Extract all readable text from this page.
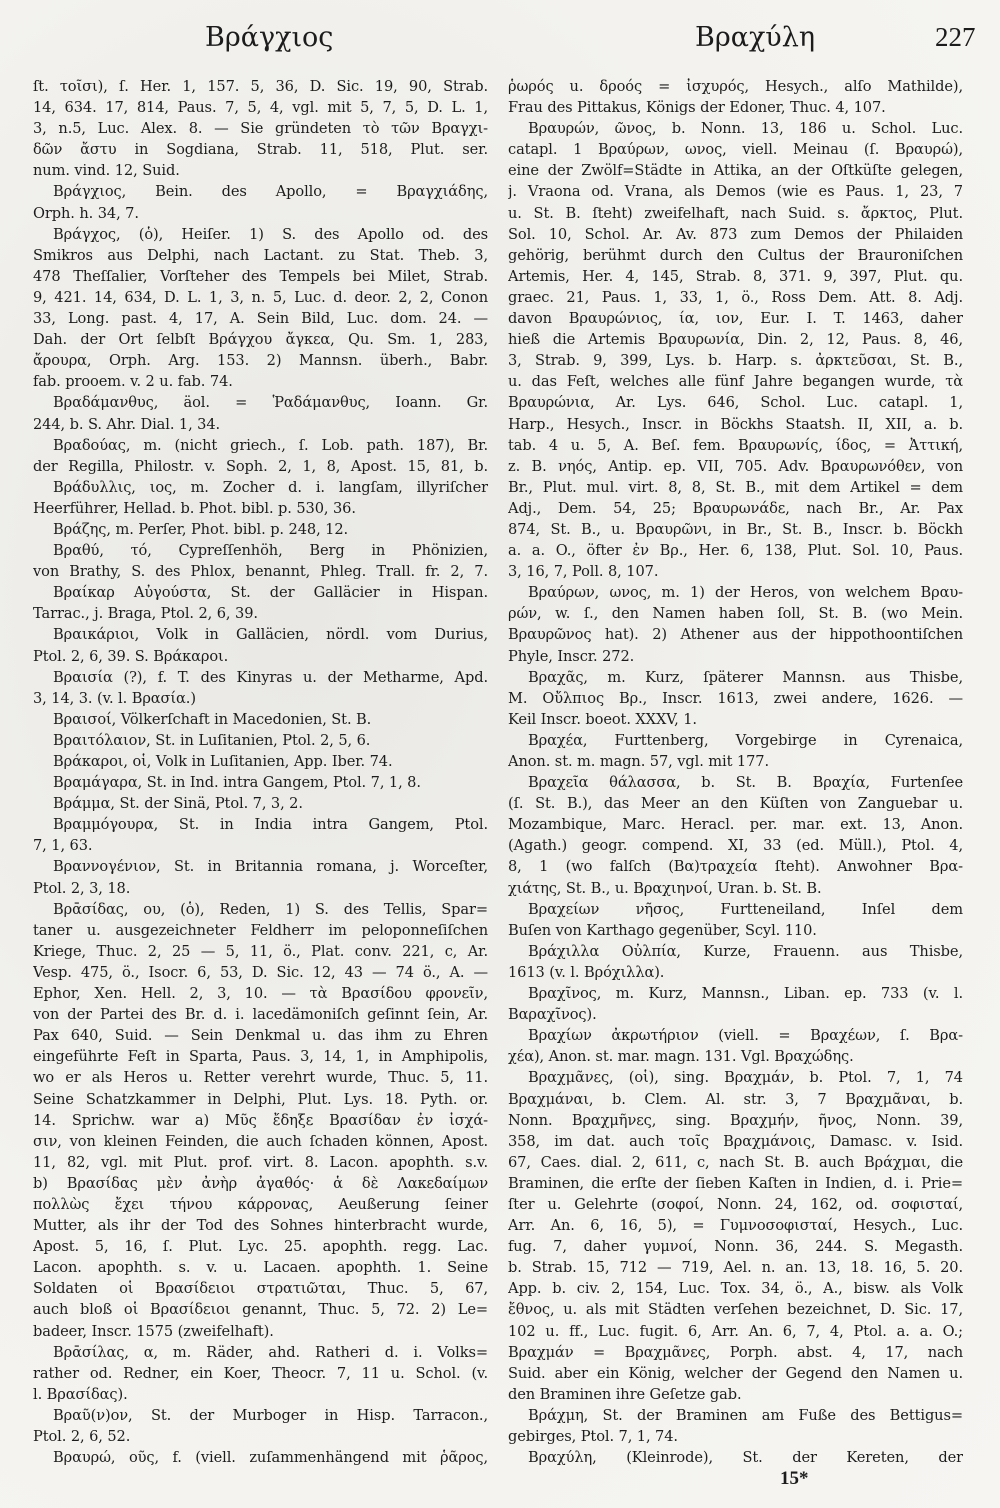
Βράγχιος	Βραχύλη	227
ſt. τοῖσι), ſ. Her. 1, 157. 5, 36, D. Sic. 19, 90, Strab.
14, 634. 17, 814, Paus. 7, 5, 4, vgl. mit 5, 7, 5, D. L. 1,
3, n.5, Luc. Alex. 8. — Sie gründeten τὸ τῶν Βραγχι-
δῶν ἄστυ in Sogdiana, Strab. 11, 518, Plut. ser.
num. vind. 12, Suid.
Βράγχιος, Bein. des Apollo, = Βραγχιάδης,
Orph. h. 34, 7.
Βράγχος, (ὁ), Heiſer. 1) S. des Apollo od. des
Smikros aus Delphi, nach Lactant. zu Stat. Theb. 3,
478 Theſſalier, Vorſteher des Tempels bei Milet, Strab.
9, 421. 14, 634, D. L. 1, 3, n. 5, Luc. d. deor. 2, 2, Conon
33, Long. past. 4, 17, A. Sein Bild, Luc. dom. 24. —
Dah. der Ort ſelbſt Βράγχου ἄγκεα, Qu. Sm. 1, 283,
ἄρουρα, Orph. Arg. 153. 2) Mannsn. überh., Babr.
fab. prooem. v. 2 u. fab. 74.
Βραδάμανθυς, äol. = Ῥαδάμανθυς, Ioann. Gr.
244, b. S. Ahr. Dial. 1, 34.
Βραδούας, m. (nicht griech., ſ. Lob. path. 187), Br.
der Regilla, Philostr. v. Soph. 2, 1, 8, Apost. 15, 81, b.
Βράδυλλις, ιος, m. Zocher d. i. langſam, illyriſcher
Heerführer, Hellad. b. Phot. bibl. p. 530, 36.
Βράζης, m. Perſer, Phot. bibl. p. 248, 12.
Βραθύ, τό, Cypreſſenhöh, Berg in Phönizien,
von Brathy, S. des Phlox, benannt, Phleg. Trall. fr. 2, 7.
Βραίκαρ Αὐγούστα, St. der Galläcier in Hispan.
Tarrac., j. Braga, Ptol. 2, 6, 39.
Βραικάριοι, Volk in Galläcien, nördl. vom Durius,
Ptol. 2, 6, 39. S. Βράκαροι.
Βραισία (?), f. T. des Kinyras u. der Metharme, Apd.
3, 14, 3. (v. l. Βρασία.)
Βραισοί, Völkerſchaft in Macedonien, St. B.
Βραιτόλαιον, St. in Luſitanien, Ptol. 2, 5, 6.
Βράκαροι, οἱ, Volk in Luſitanien, App. Iber. 74.
Βραμάγαρα, St. in Ind. intra Gangem, Ptol. 7, 1, 8.
Βράμμα, St. der Sinä, Ptol. 7, 3, 2.
Βραμμόγουρα, St. in India intra Gangem, Ptol.
7, 1, 63.
Βραννογένιον, St. in Britannia romana, j. Worceſter,
Ptol. 2, 3, 18.
Βρᾱσίδας, ου, (ὁ), Reden, 1) S. des Tellis, Spar=
taner u. ausgezeichneter Feldherr im peloponneſiſchen
Kriege, Thuc. 2, 25 — 5, 11, ö., Plat. conv. 221, c, Ar.
Vesp. 475, ö., Isocr. 6, 53, D. Sic. 12, 43 — 74 ö., A. —
Ephor, Xen. Hell. 2, 3, 10. — τὰ Βρασίδου φρονεῖν,
von der Partei des Br. d. i. lacedämoniſch geſinnt ſein, Ar.
Pax 640, Suid. — Sein Denkmal u. das ihm zu Ehren
eingeführte Feſt in Sparta, Paus. 3, 14, 1, in Amphipolis,
wo er als Heros u. Retter verehrt wurde, Thuc. 5, 11.
Seine Schatzkammer in Delphi, Plut. Lys. 18. Pyth. or.
14. Sprichw. war a) Μῦς ἔδηξε Βρασίδαν ἐν ἰσχά-
σιν, von kleinen Feinden, die auch ſchaden können, Apost.
11, 82, vgl. mit Plut. prof. virt. 8. Lacon. apophth. s.v.
b) Βρασίδας μὲν ἀνὴρ ἀγαθός· ἁ δὲ Λακεδαίμων
πολλὼς ἔχει τήνου κάρρονας, Aeußerung ſeiner
Mutter, als ihr der Tod des Sohnes hinterbracht wurde,
Apost. 5, 16, ſ. Plut. Lyc. 25. apophth. regg. Lac.
Lacon. apophth. s. v. u. Lacaen. apophth. 1. Seine
Soldaten οἱ Βρασίδειοι στρατιῶται, Thuc. 5, 67,
auch bloß οἱ Βρασίδειοι genannt, Thuc. 5, 72. 2) Le=
badeer, Inscr. 1575 (zweifelhaft).
Βρᾱσίλας, α, m. Räder, ahd. Ratheri d. i. Volks=
rather od. Redner, ein Koer, Theocr. 7, 11 u. Schol. (v.
l. Βρασίδας).
Βραῦ(ν)ον, St. der Murboger in Hisp. Tarracon.,
Ptol. 2, 6, 52.
Βραυρώ, οῦς, f. (viell. zuſammenhängend mit ῥᾶρος,
ῥωρός u. δροός = ἰσχυρός, Hesych., alſo Mathilde),
Frau des Pittakus, Königs der Edoner, Thuc. 4, 107.
Βραυρών, ῶνος, b. Nonn. 13, 186 u. Schol. Luc.
catapl. 1 Βραύρων, ωνος, viell. Meinau (ſ. Βραυρώ),
eine der Zwölf=Städte in Attika, an der Oſtküſte gelegen,
j. Vraona od. Vrana, als Demos (wie es Paus. 1, 23, 7
u. St. B. ſteht) zweifelhaft, nach Suid. s. ἄρκτος, Plut.
Sol. 10, Schol. Ar. Av. 873 zum Demos der Philaiden
gehörig, berühmt durch den Cultus der Brauroniſchen
Artemis, Her. 4, 145, Strab. 8, 371. 9, 397, Plut. qu.
graec. 21, Paus. 1, 33, 1, ö., Ross Dem. Att. 8. Adj.
davon Βραυρώνιος, ία, ιον, Eur. I. T. 1463, daher
hieß die Artemis Βραυρωνία, Din. 2, 12, Paus. 8, 46,
3, Strab. 9, 399, Lys. b. Harp. s. ἀρκτεῦσαι, St. B.,
u. das Feſt, welches alle fünf Jahre begangen wurde, τὰ
Βραυρώνια, Ar. Lys. 646, Schol. Luc. catapl. 1,
Harp., Hesych., Inscr. in Böckhs Staatsh. II, XII, a. b.
tab. 4 u. 5, A. Beſ. fem. Βραυρωνίς, ίδος, = Ἀττική,
z. B. νηός, Antip. ep. VII, 705. Adv. Βραυρωνόθεν, von
Br., Plut. mul. virt. 8, 8, St. B., mit dem Artikel = dem
Adj., Dem. 54, 25; Βραυρωνάδε, nach Br., Ar. Pax
874, St. B., u. Βραυρῶνι, in Br., St. B., Inscr. b. Böckh
a. a. O., öfter ἐν Βρ., Her. 6, 138, Plut. Sol. 10, Paus.
3, 16, 7, Poll. 8, 107.
Βραύρων, ωνος, m. 1) der Heros, von welchem Βραυ-
ρών, w. ſ., den Namen haben ſoll, St. B. (wo Mein.
Βραυρῶνος hat). 2) Athener aus der hippothoontiſchen
Phyle, Inscr. 272.
Βραχᾶς, m. Kurz, ſpäterer Mannsn. aus Thisbe,
Μ. Οὔλπιος Βρ., Inscr. 1613, zwei andere, 1626. —
Keil Inscr. boeot. XXXV, 1.
Βραχέα, Furttenberg, Vorgebirge in Cyrenaica,
Anon. st. m. magn. 57, vgl. mit 177.
Βραχεῖα θάλασσα, b. St. B. Βραχία, Furtenſee
(ſ. St. B.), das Meer an den Küſten von Zanguebar u.
Mozambique, Marc. Heracl. per. mar. ext. 13, Anon.
(Agath.) geogr. compend. XI, 33 (ed. Müll.), Ptol. 4,
8, 1 (wo falſch (Βα)τραχεία ſteht). Anwohner Βρα-
χιάτης, St. B., u. Βραχιηνοί, Uran. b. St. B.
Βραχείων νῆσος, Furtteneiland, Inſel dem
Buſen von Karthago gegenüber, Scyl. 110.
Βράχιλλα Οὐλπία, Kurze, Frauenn. aus Thisbe,
1613 (v. l. Βρόχιλλα).
Βραχῖνος, m. Kurz, Mannsn., Liban. ep. 733 (v. l.
Βαραχῖνος).
Βραχίων ἀκρωτήριον (viell. = Βραχέων, ſ. Βρα-
χέα), Anon. st. mar. magn. 131. Vgl. Βραχώδης.
Βραχμᾶνες, (οἱ), sing. Βραχμάν, b. Ptol. 7, 1, 74
Βραχμάναι, b. Clem. Al. str. 3, 7 Βραχμᾶναι, b.
Nonn. Βραχμῆνες, sing. Βραχμήν, ῆνος, Nonn. 39,
358, im dat. auch τοῖς Βραχμάνοις, Damasc. v. Isid.
67, Caes. dial. 2, 611, c, nach St. B. auch Βράχμαι, die
Braminen, die erſte der ſieben Kaſten in Indien, d. i. Prie=
ſter u. Gelehrte (σοφοί, Nonn. 24, 162, od. σοφισταί,
Arr. An. 6, 16, 5), = Γυμνοσοφισταί, Hesych., Luc.
fug. 7, daher γυμνοί, Nonn. 36, 244. S. Megasth.
b. Strab. 15, 712 — 719, Ael. n. an. 13, 18. 16, 5. 20.
App. b. civ. 2, 154, Luc. Tox. 34, ö., A., bisw. als Volk
ἔθνος, u. als mit Städten verſehen bezeichnet, D. Sic. 17,
102 u. ff., Luc. fugit. 6, Arr. An. 6, 7, 4, Ptol. a. a. O.;
Βραχμάν = Βραχμᾶνες, Porph. abst. 4, 17, nach
Suid. aber ein König, welcher der Gegend den Namen u.
den Braminen ihre Geſetze gab.
Βράχμη, St. der Braminen am Fuße des Bettigus=
gebirges, Ptol. 7, 1, 74.
Βραχύλη, (Kleinrode), St. der Kereten, der
15*
